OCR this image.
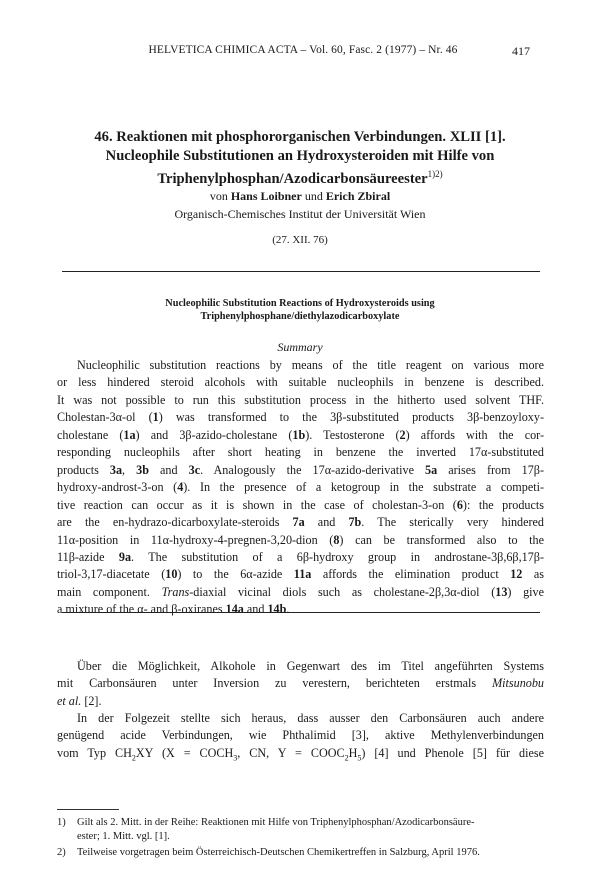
HELVETICA CHIMICA ACTA – Vol. 60, Fasc. 2 (1977) – Nr. 46	417
46. Reaktionen mit phosphororganischen Verbindungen. XLII [1].
Nucleophile Substitutionen an Hydroxysteroiden mit Hilfe von
Triphenylphosphan/Azodicarbonsäureester$^{1)2)}$
von Hans Loibner und Erich Zbiral
Organisch-Chemisches Institut der Universität Wien
(27. XII. 76)
Nucleophilic Substitution Reactions of Hydroxysteroids using
Triphenylphosphane/diethylazodicarboxylate
Summary
Nucleophilic substitution reactions by means of the title reagent on various more
or less hindered steroid alcohols with suitable nucleophils in benzene is described.
It was not possible to run this substitution process in the hitherto used solvent THF.
Cholestan-3α-ol (1) was transformed to the 3β-substituted products 3β-benzoyloxy-
cholestane (1a) and 3β-azido-cholestane (1b). Testosterone (2) affords with the cor-
responding nucleophils after short heating in benzene the inverted 17α-substituted
products 3a, 3b and 3c. Analogously the 17α-azido-derivative 5a arises from 17β-
hydroxy-androst-3-on (4). In the presence of a ketogroup in the substrate a competi-
tive reaction can occur as it is shown in the case of cholestan-3-on (6): the products
are the en-hydrazo-dicarboxylate-steroids 7a and 7b. The sterically very hindered
11α-position in 11α-hydroxy-4-pregnen-3,20-dion (8) can be transformed also to the
11β-azide 9a. The substitution of a 6β-hydroxy group in androstane-3β,6β,17β-
triol-3,17-diacetate (10) to the 6α-azide 11a affords the elimination product 12 as
main component. Trans-diaxial vicinal diols such as cholestane-2β,3α-diol (13) give
a mixture of the α- and β-oxiranes 14a and 14b.
Über die Möglichkeit, Alkohole in Gegenwart des im Titel angeführten Systems
mit Carbonsäuren unter Inversion zu verestern, berichteten erstmals Mitsunobu
et al. [2].
In der Folgezeit stellte sich heraus, dass ausser den Carbonsäuren auch andere
genügend acide Verbindungen, wie Phthalimid [3], aktive Methylenverbindungen
vom Typ $CH_2XY$ ($X = COCH_3$, CN, $Y = COOC_2H_5$) [4] und Phenole [5] für diese
1) Gilt als 2. Mitt. in der Reihe: Reaktionen mit Hilfe von Triphenylphosphan/Azodicarbonsäure-
ester; 1. Mitt. vgl. [1].
2) Teilweise vorgetragen beim Österreichisch-Deutschen Chemikertreffen in Salzburg, April 1976.
